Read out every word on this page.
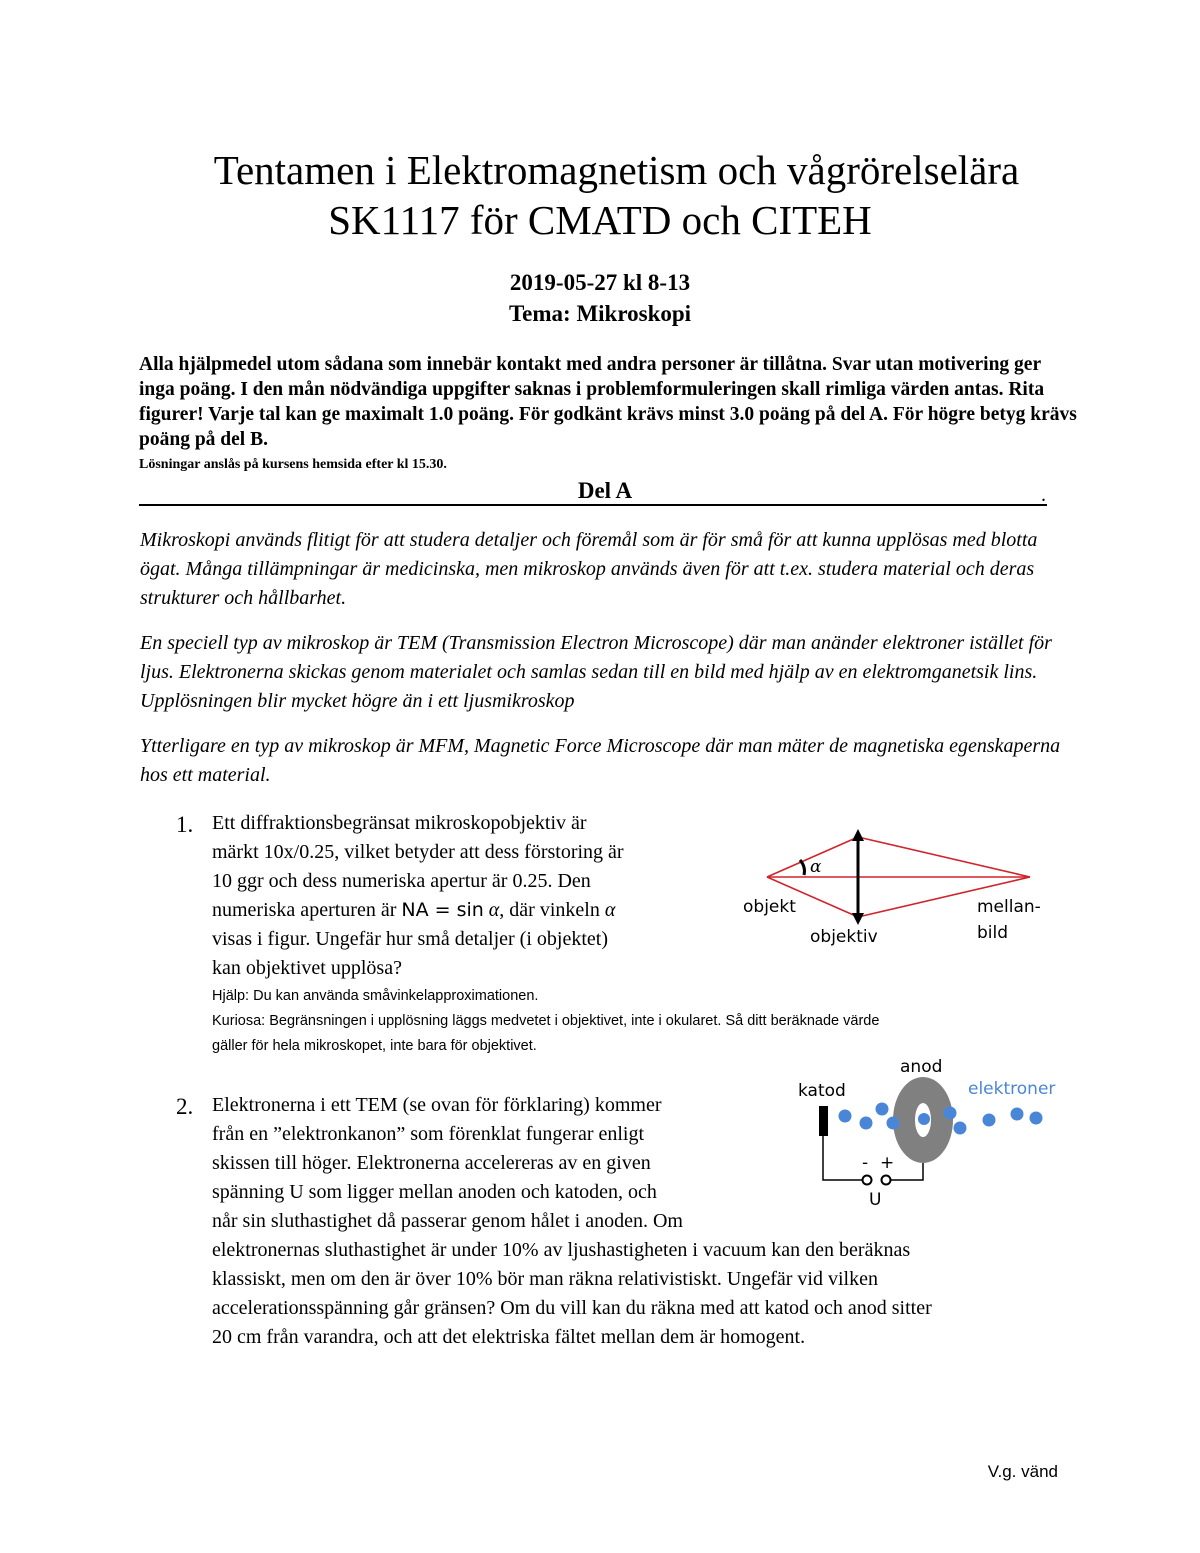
Tentamen i Elektromagnetism och vågrörelselära
SK1117 för CMATD och CITEH
2019-05-27 kl 8-13
Tema: Mikroskopi
Alla hjälpmedel utom sådana som innebär kontakt med andra personer är tillåtna. Svar utan motivering ger inga poäng. I den mån nödvändiga uppgifter saknas i problemformuleringen skall rimliga värden antas. Rita figurer! Varje tal kan ge maximalt 1.0 poäng. För godkänt krävs minst 3.0 poäng på del A. För högre betyg krävs poäng på del B.
Lösningar anslås på kursens hemsida efter kl 15.30.
Del A	.
Mikroskopi används flitigt för att studera detaljer och föremål som är för små för att kunna upplösas med blotta ögat. Många tillämpningar är medicinska, men mikroskop används även för att t.ex. studera material och deras strukturer och hållbarhet.
En speciell typ av mikroskop är TEM (Transmission Electron Microscope) där man anänder elektroner istället för ljus. Elektronerna skickas genom materialet och samlas sedan till en bild med hjälp av en elektromganetsik lins. Upplösningen blir mycket högre än i ett ljusmikroskop
Ytterligare en typ av mikroskop är MFM, Magnetic Force Microscope där man mäter de magnetiska egenskaperna hos ett material.
1. Ett diffraktionsbegränsat mikroskopobjektiv är
märkt 10x/0.25, vilket betyder att dess förstoring är
10 ggr och dess numeriska apertur är 0.25. Den
numeriska aperturen är NA = sin α, där vinkeln α
visas i figur. Ungefär hur små detaljer (i objektet)
kan objektivet upplösa?
Hjälp: Du kan använda småvinkelapproximationen.
Kuriosa: Begränsningen i upplösning läggs medvetet i objektivet, inte i okularet. Så ditt beräknade värde
gäller för hela mikroskopet, inte bara för objektivet.
α
objekt
objektiv
mellan-
bild
2. Elektronerna i ett TEM (se ovan för förklaring) kommer
från en ”elektronkanon” som förenklat fungerar enligt
skissen till höger. Elektronerna accelereras av en given
spänning U som ligger mellan anoden och katoden, och
når sin sluthastighet då passerar genom hålet i anoden. Om
elektronernas sluthastighet är under 10% av ljushastigheten i vacuum kan den beräknas
klassiskt, men om den är över 10% bör man räkna relativistiskt. Ungefär vid vilken
accelerationsspänning går gränsen? Om du vill kan du räkna med att katod och anod sitter
20 cm från varandra, och att det elektriska fältet mellan dem är homogent.
anod
katod	elektroner
- +
U
V.g. vänd
